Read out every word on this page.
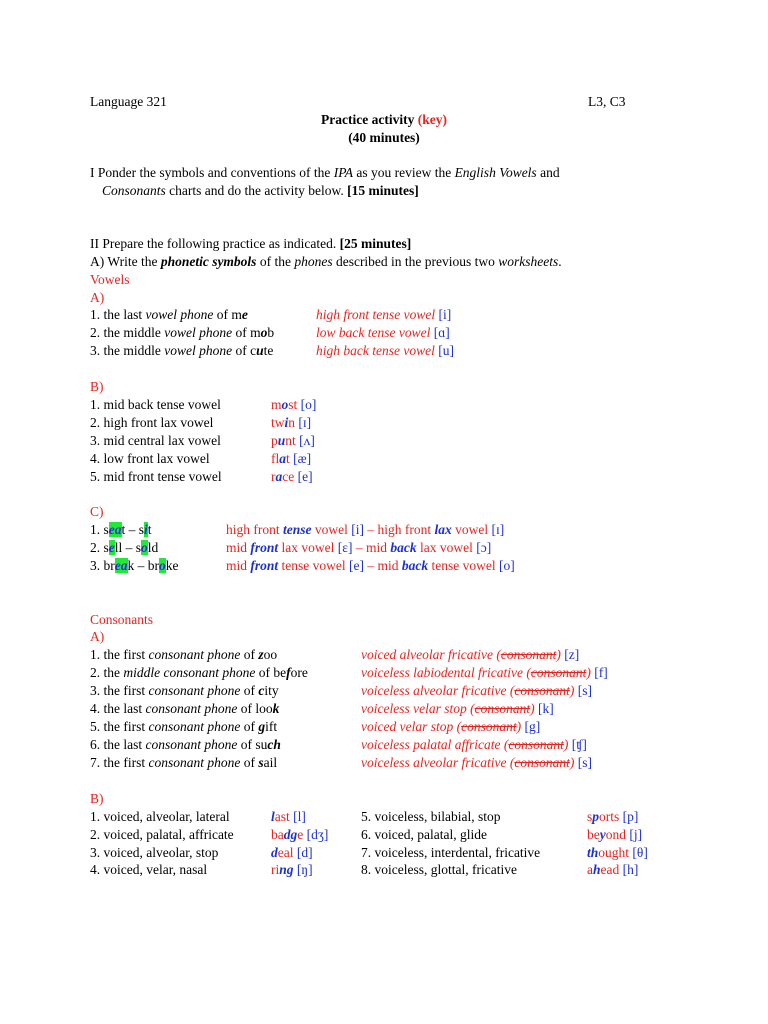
Language 321	L3, C3
Practice activity (key)
(40 minutes)
I Ponder the symbols and conventions of the IPA as you review the English Vowels and
Consonants charts and do the activity below. [15 minutes]
II Prepare the following practice as indicated. [25 minutes]
A) Write the phonetic symbols of the phones described in the previous two worksheets.
Vowels
A)
1. the last vowel phone of me	high front tense vowel [i]
2. the middle vowel phone of mob	low back tense vowel [ɑ]
3. the middle vowel phone of cute	high back tense vowel [u]
B)
1. mid back tense vowel	most [o]
2. high front lax vowel	twin [ɪ]
3. mid central lax vowel	punt [ʌ]
4. low front lax vowel	flat [æ]
5. mid front tense vowel	race [e]
C)
1. seat – sit	high front tense vowel [i] – high front lax vowel [ɪ]
2. sell – sold	mid front lax vowel [ɛ] – mid back lax vowel [ɔ]
3. break – broke	mid front tense vowel [e] – mid back tense vowel [o]
Consonants
A)
1. the first consonant phone of zoo	voiced alveolar fricative (consonant) [z]
2. the middle consonant phone of before	voiceless labiodental fricative (consonant) [f]
3. the first consonant phone of city	voiceless alveolar fricative (consonant) [s]
4. the last consonant phone of look	voiceless velar stop (consonant) [k]
5. the first consonant phone of gift	voiced velar stop (consonant) [g]
6. the last consonant phone of such	voiceless palatal affricate (consonant) [ʧ]
7. the first consonant phone of sail	voiceless alveolar fricative (consonant) [s]
B)
1. voiced, alveolar, lateral	last [l]
2. voiced, palatal, affricate	badge [dʒ]
3. voiced, alveolar, stop	deal [d]
4. voiced, velar, nasal	ring [ŋ]
5. voiceless, bilabial, stop	sports [p]
6. voiced, palatal, glide	beyond [j]
7. voiceless, interdental, fricative	thought [θ]
8. voiceless, glottal, fricative	ahead [h]
